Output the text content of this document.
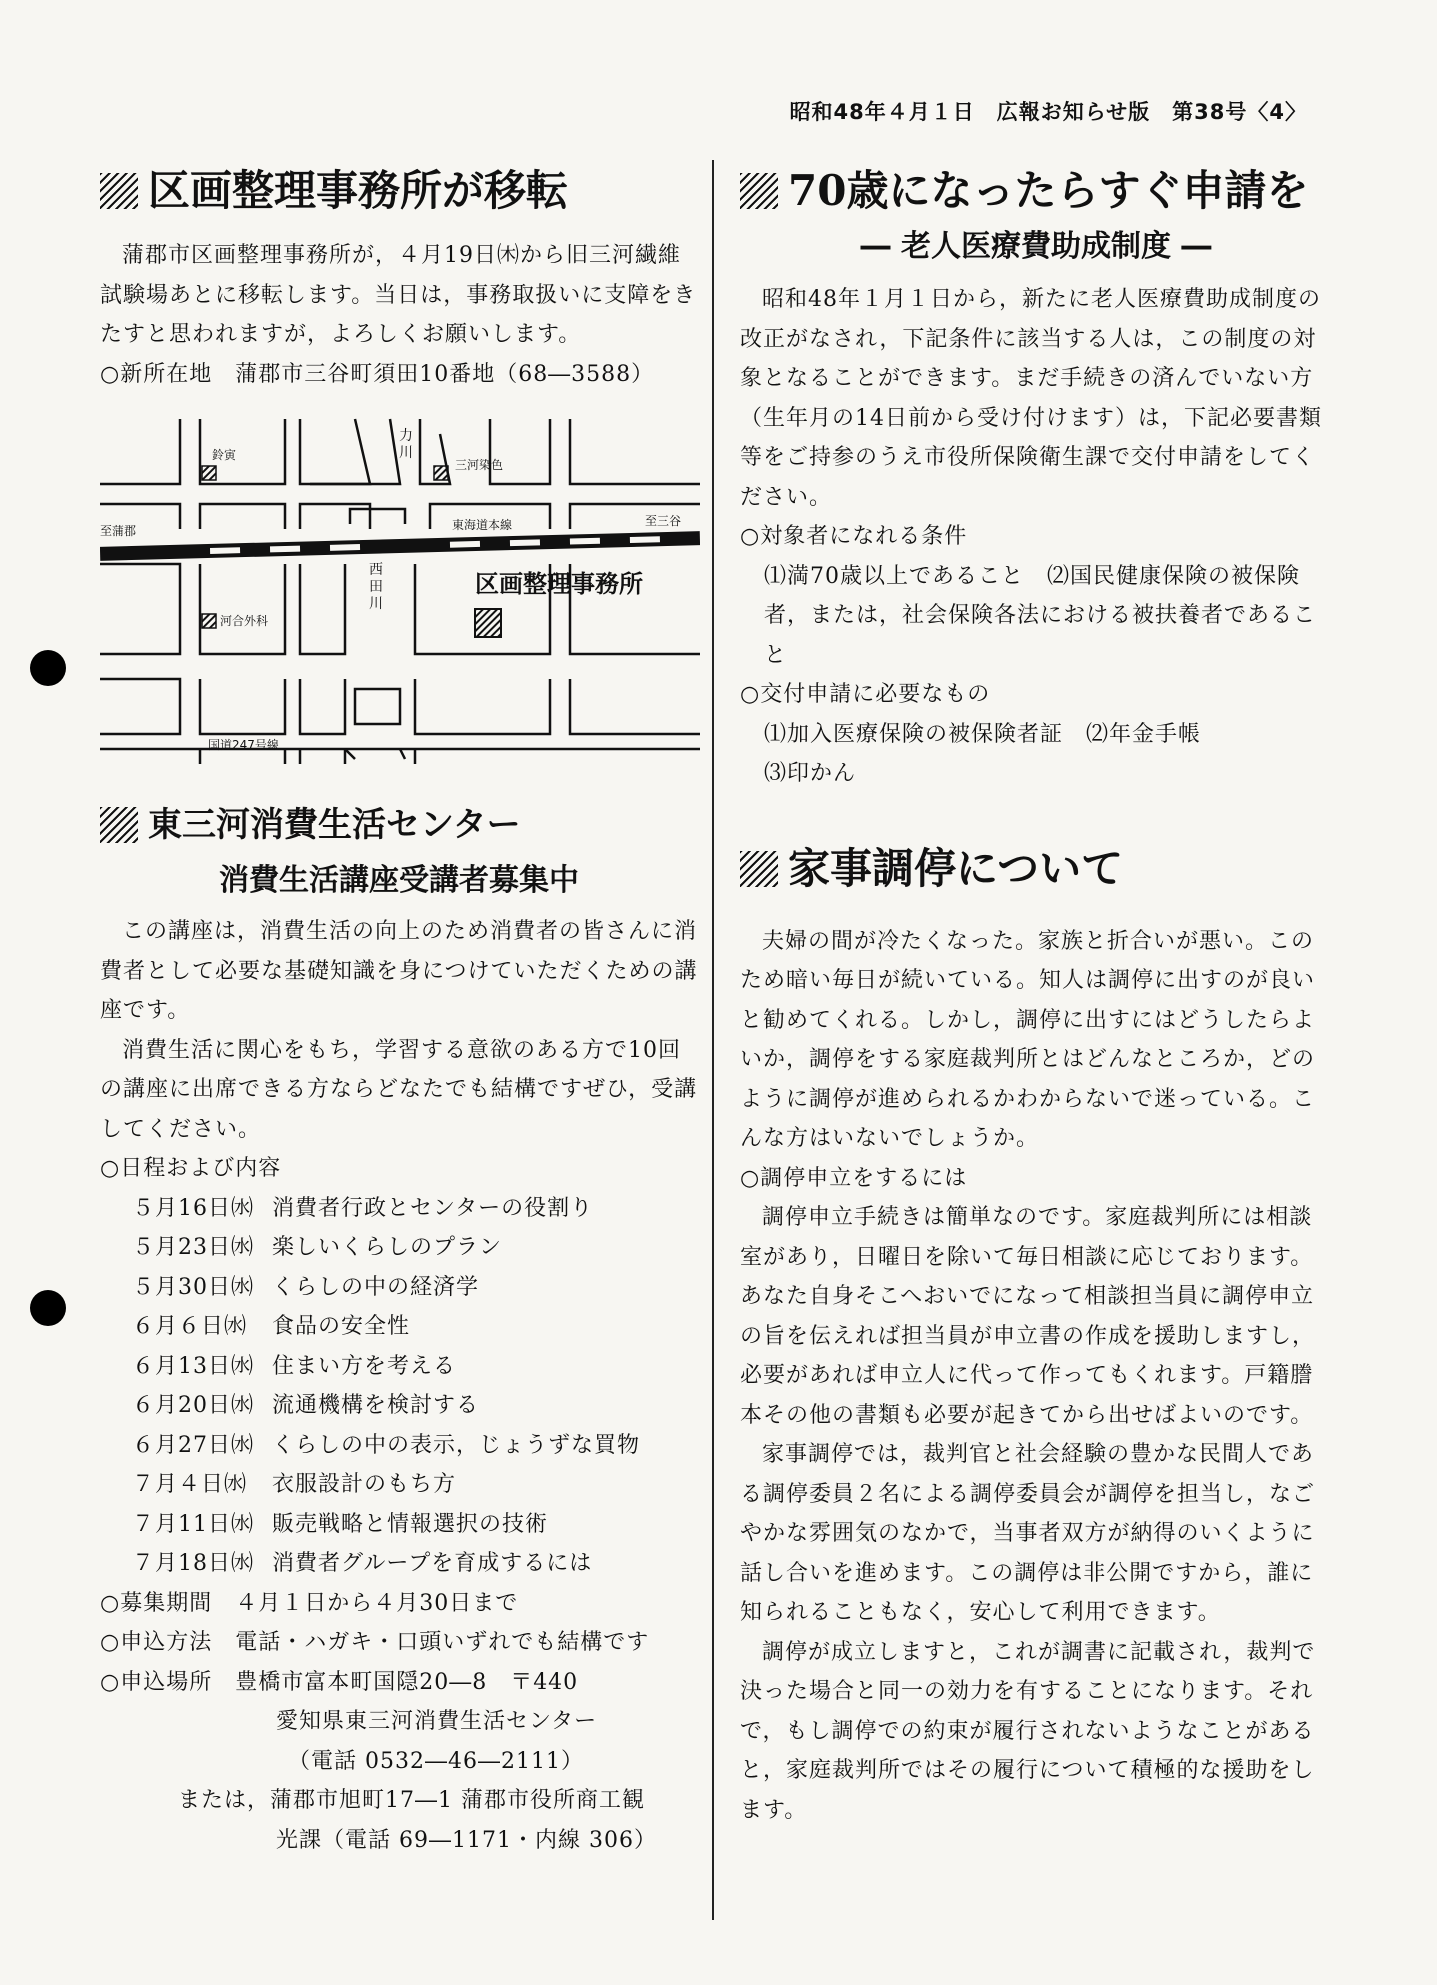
昭和48年４月１日　広報お知らせ版　第38号〈4〉
区画整理事務所が移転

蒲郡市区画整理事務所が，４月19日㈭から旧三河繊維試験場あとに移転します。当日は，事務取扱いに支障をきたすと思われますが，よろしくお願いします。

○新所在地　蒲郡市三谷町須田10番地（68―3588）

鈴寅
三河染色
力川
至蒲郡
至三谷
東海道本線
西田川
区画整理事務所
河合外科
国道247号線
東三河消費生活センター
消費生活講座受講者募集中

この講座は，消費生活の向上のため消費者の皆さんに消費者として必要な基礎知識を身につけていただくための講座です。

消費生活に関心をもち，学習する意欲のある方で10回の講座に出席できる方ならどなたでも結構ですぜひ，受講してください。

○日程および内容

５月16日㈬ 消費者行政とセンターの役割り
５月23日㈬ 楽しいくらしのプラン
５月30日㈬ くらしの中の経済学
６月６日㈬	食品の安全性
６月13日㈬ 住まい方を考える
６月20日㈬ 流通機構を検討する
６月27日㈬ くらしの中の表示，じょうずな買物
７月４日㈬	衣服設計のもち方
７月11日㈬ 販売戦略と情報選択の技術
７月18日㈬ 消費者グループを育成するには

○募集期間　４月１日から４月30日まで

○申込方法　電話・ハガキ・口頭いずれでも結構です

○申込場所　豊橋市富本町国隠20―8　〒440

愛知県東三河消費生活センター

（電話 0532―46―2111）

または，蒲郡市旭町17―1 蒲郡市役所商工観

光課（電話 69―1171・内線 306）

70歳になったらすぐ申請を
― 老人医療費助成制度 ―

昭和48年１月１日から，新たに老人医療費助成制度の改正がなされ，下記条件に該当する人は，この制度の対象となることができます。まだ手続きの済んでいない方（生年月の14日前から受け付けます）は，下記必要書類等をご持参のうえ市役所保険衛生課で交付申請をしてください。

○対象者になれる条件

⑴満70歳以上であること　⑵国民健康保険の被保険者，または，社会保険各法における被扶養者であること

○交付申請に必要なもの

⑴加入医療保険の被保険者証　⑵年金手帳

⑶印かん

家事調停について

夫婦の間が冷たくなった。家族と折合いが悪い。このため暗い毎日が続いている。知人は調停に出すのが良いと勧めてくれる。しかし，調停に出すにはどうしたらよいか，調停をする家庭裁判所とはどんなところか，どのように調停が進められるかわからないで迷っている。こんな方はいないでしょうか。

○調停申立をするには

調停申立手続きは簡単なのです。家庭裁判所には相談室があり，日曜日を除いて毎日相談に応じております。あなた自身そこへおいでになって相談担当員に調停申立の旨を伝えれば担当員が申立書の作成を援助しますし，必要があれば申立人に代って作ってもくれます。戸籍謄本その他の書類も必要が起きてから出せばよいのです。

家事調停では，裁判官と社会経験の豊かな民間人である調停委員２名による調停委員会が調停を担当し，なごやかな雰囲気のなかで，当事者双方が納得のいくように話し合いを進めます。この調停は非公開ですから，誰に知られることもなく，安心して利用できます。

調停が成立しますと，これが調書に記載され，裁判で決った場合と同一の効力を有することになります。それで，もし調停での約束が履行されないようなことがあると，家庭裁判所ではその履行について積極的な援助をします。
